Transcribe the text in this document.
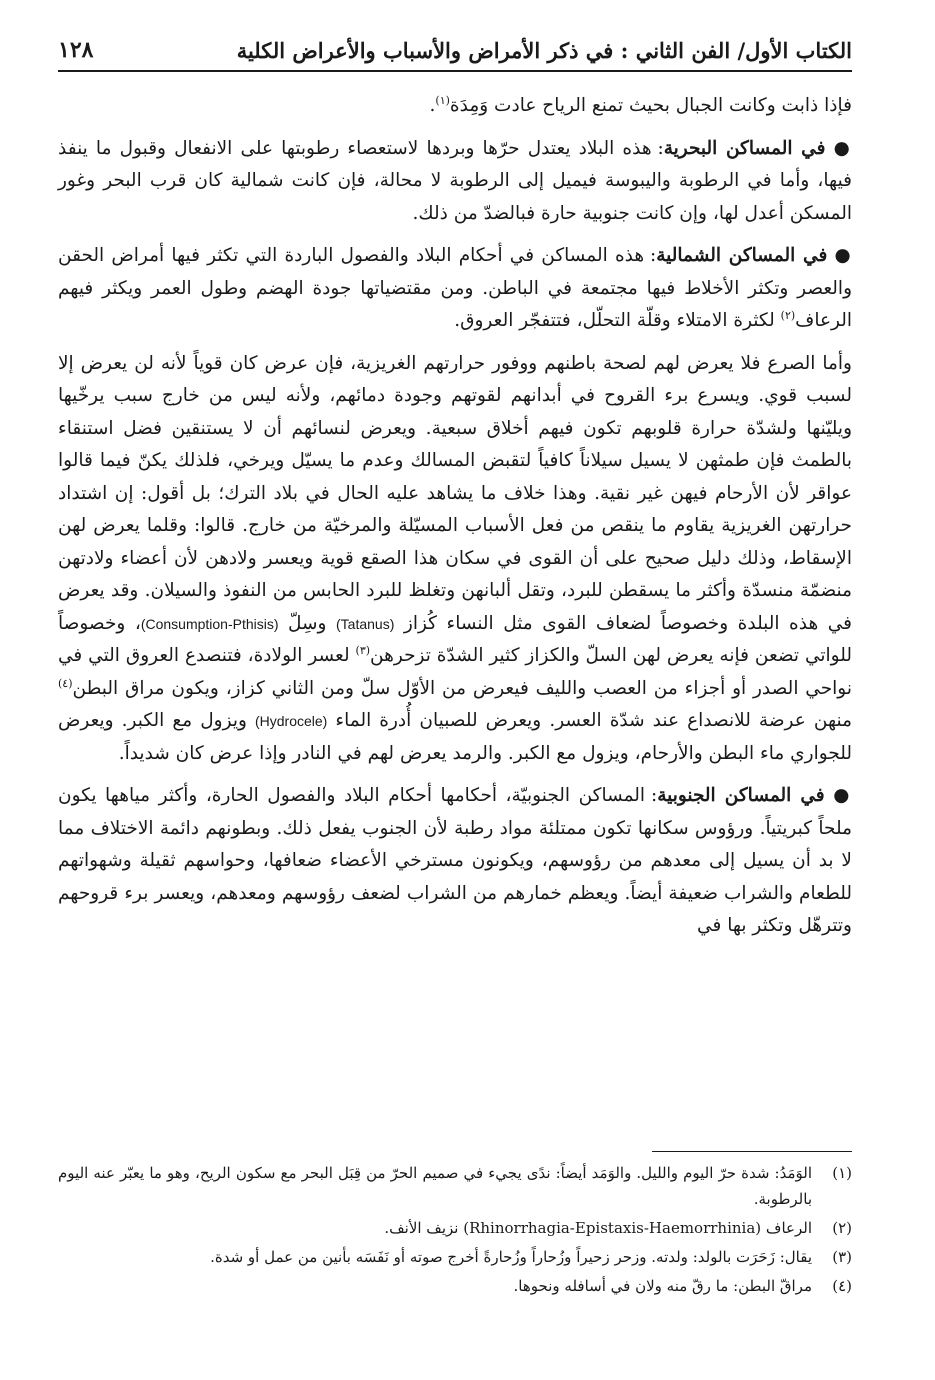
الكتاب الأول/ الفن الثاني : في ذكر الأمراض والأسباب والأعراض الكلية
١٢٨

فإذا ذابت وكانت الجبال بحيث تمنع الرياح عادت وَمِدَة$^{(١)}$.

● في المساكن البحرية: هذه البلاد يعتدل حرّها وبردها لاستعصاء رطوبتها على الانفعال وقبول ما ينفذ فيها، وأما في الرطوبة واليبوسة فيميل إلى الرطوبة لا محالة، فإن كانت شمالية كان قرب البحر وغور المسكن أعدل لها، وإن كانت جنوبية حارة فبالضدّ من ذلك.

● في المساكن الشمالية: هذه المساكن في أحكام البلاد والفصول الباردة التي تكثر فيها أمراض الحقن والعصر وتكثر الأخلاط فيها مجتمعة في الباطن. ومن مقتضياتها جودة الهضم وطول العمر ويكثر فيهم الرعاف$^{(٢)}$ لكثرة الامتلاء وقلّة التحلّل، فتتفجّر العروق.

وأما الصرع فلا يعرض لهم لصحة باطنهم ووفور حرارتهم الغريزية، فإن عرض كان قوياً لأنه لن يعرض إلا لسبب قوي. ويسرع برء القروح في أبدانهم لقوتهم وجودة دمائهم، ولأنه ليس من خارج سبب يرخّيها ويليّنها ولشدّة حرارة قلوبهم تكون فيهم أخلاق سبعية. ويعرض لنسائهم أن لا يستنقين فضل استنقاء بالطمث فإن طمثهن لا يسيل سيلاناً كافياً لتقبض المسالك وعدم ما يسيّل ويرخي، فلذلك يكنّ فيما قالوا عواقر لأن الأرحام فيهن غير نقية. وهذا خلاف ما يشاهد عليه الحال في بلاد الترك؛ بل أقول: إن اشتداد حرارتهن الغريزية يقاوم ما ينقص من فعل الأسباب المسيّلة والمرخيّة من خارج. قالوا: وقلما يعرض لهن الإسقاط، وذلك دليل صحيح على أن القوى في سكان هذا الصقع قوية ويعسر ولادهن لأن أعضاء ولادتهن منضمّة منسدّة وأكثر ما يسقطن للبرد، وتقل ألبانهن وتغلظ للبرد الحابس من النفوذ والسيلان. وقد يعرض في هذه البلدة وخصوصاً لضعاف القوى مثل النساء كُزاز (Tatanus) وسِلّ (Consumption-Pthisis)، وخصوصاً للواتي تضعن فإنه يعرض لهن السلّ والكزاز كثير الشدّة تزحرهن$^{(٣)}$ لعسر الولادة، فتنصدع العروق التي في نواحي الصدر أو أجزاء من العصب والليف فيعرض من الأوّل سلّ ومن الثاني كزاز، ويكون مراق البطن$^{(٤)}$ منهن عرضة للانصداع عند شدّة العسر. ويعرض للصبيان أُدرة الماء (Hydrocele) ويزول مع الكبر. ويعرض للجواري ماء البطن والأرحام، ويزول مع الكبر. والرمد يعرض لهم في النادر وإذا عرض كان شديداً.

● في المساكن الجنوبية: المساكن الجنوبيّة، أحكامها أحكام البلاد والفصول الحارة، وأكثر مياهها يكون ملحاً كبريتياً. ورؤوس سكانها تكون ممتلئة مواد رطبة لأن الجنوب يفعل ذلك. وبطونهم دائمة الاختلاف مما لا بد أن يسيل إلى معدهم من رؤوسهم، ويكونون مسترخي الأعضاء ضعافها، وحواسهم ثقيلة وشهواتهم للطعام والشراب ضعيفة أيضاً. ويعظم خمارهم من الشراب لضعف رؤوسهم ومعدهم، ويعسر برء قروحهم وتترهّل وتكثر بها في

(١)
الوَمَدُ: شدة حرّ اليوم والليل. والوَمَد أيضاً: ندًى يجيء في صميم الحرّ من قِبَل البحر مع سكون الريح، وهو ما يعبّر عنه اليوم بالرطوبة.
(٢)
الرعاف (Rhinorrhagia-Epistaxis-Haemorrhinia) نزيف الأنف.
(٣)
يقال: زَحَرَت بالولد: ولدته. وزحر زحيراً وزُحاراً وزُحارةً أخرج صوته أو نَفَسَه بأنين من عمل أو شدة.
(٤)
مراقّ البطن: ما رقّ منه ولان في أسافله ونحوها.
